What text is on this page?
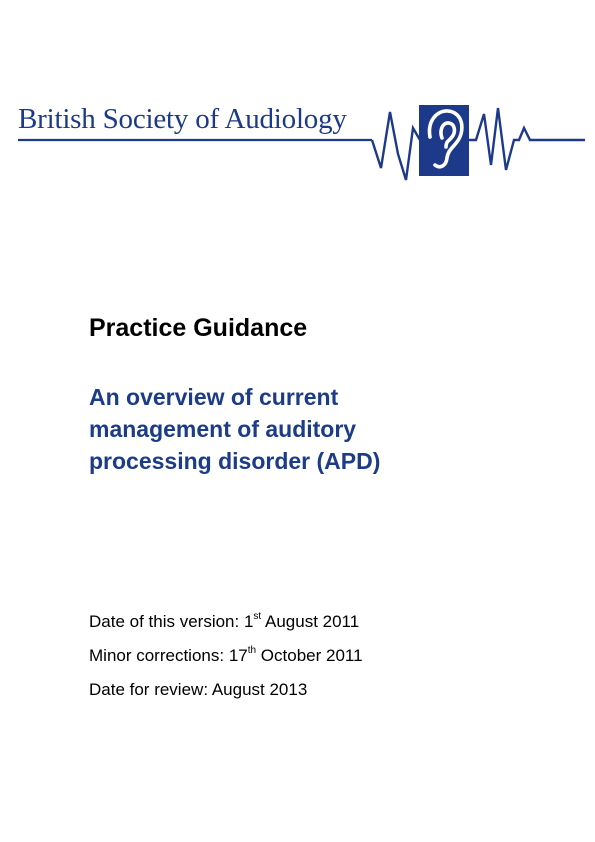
British Society of Audiology
Practice Guidance
An overview of current
management of auditory
processing disorder (APD)
Date of this version: 1st August 2011
Minor corrections: 17th October 2011
Date for review: August 2013
